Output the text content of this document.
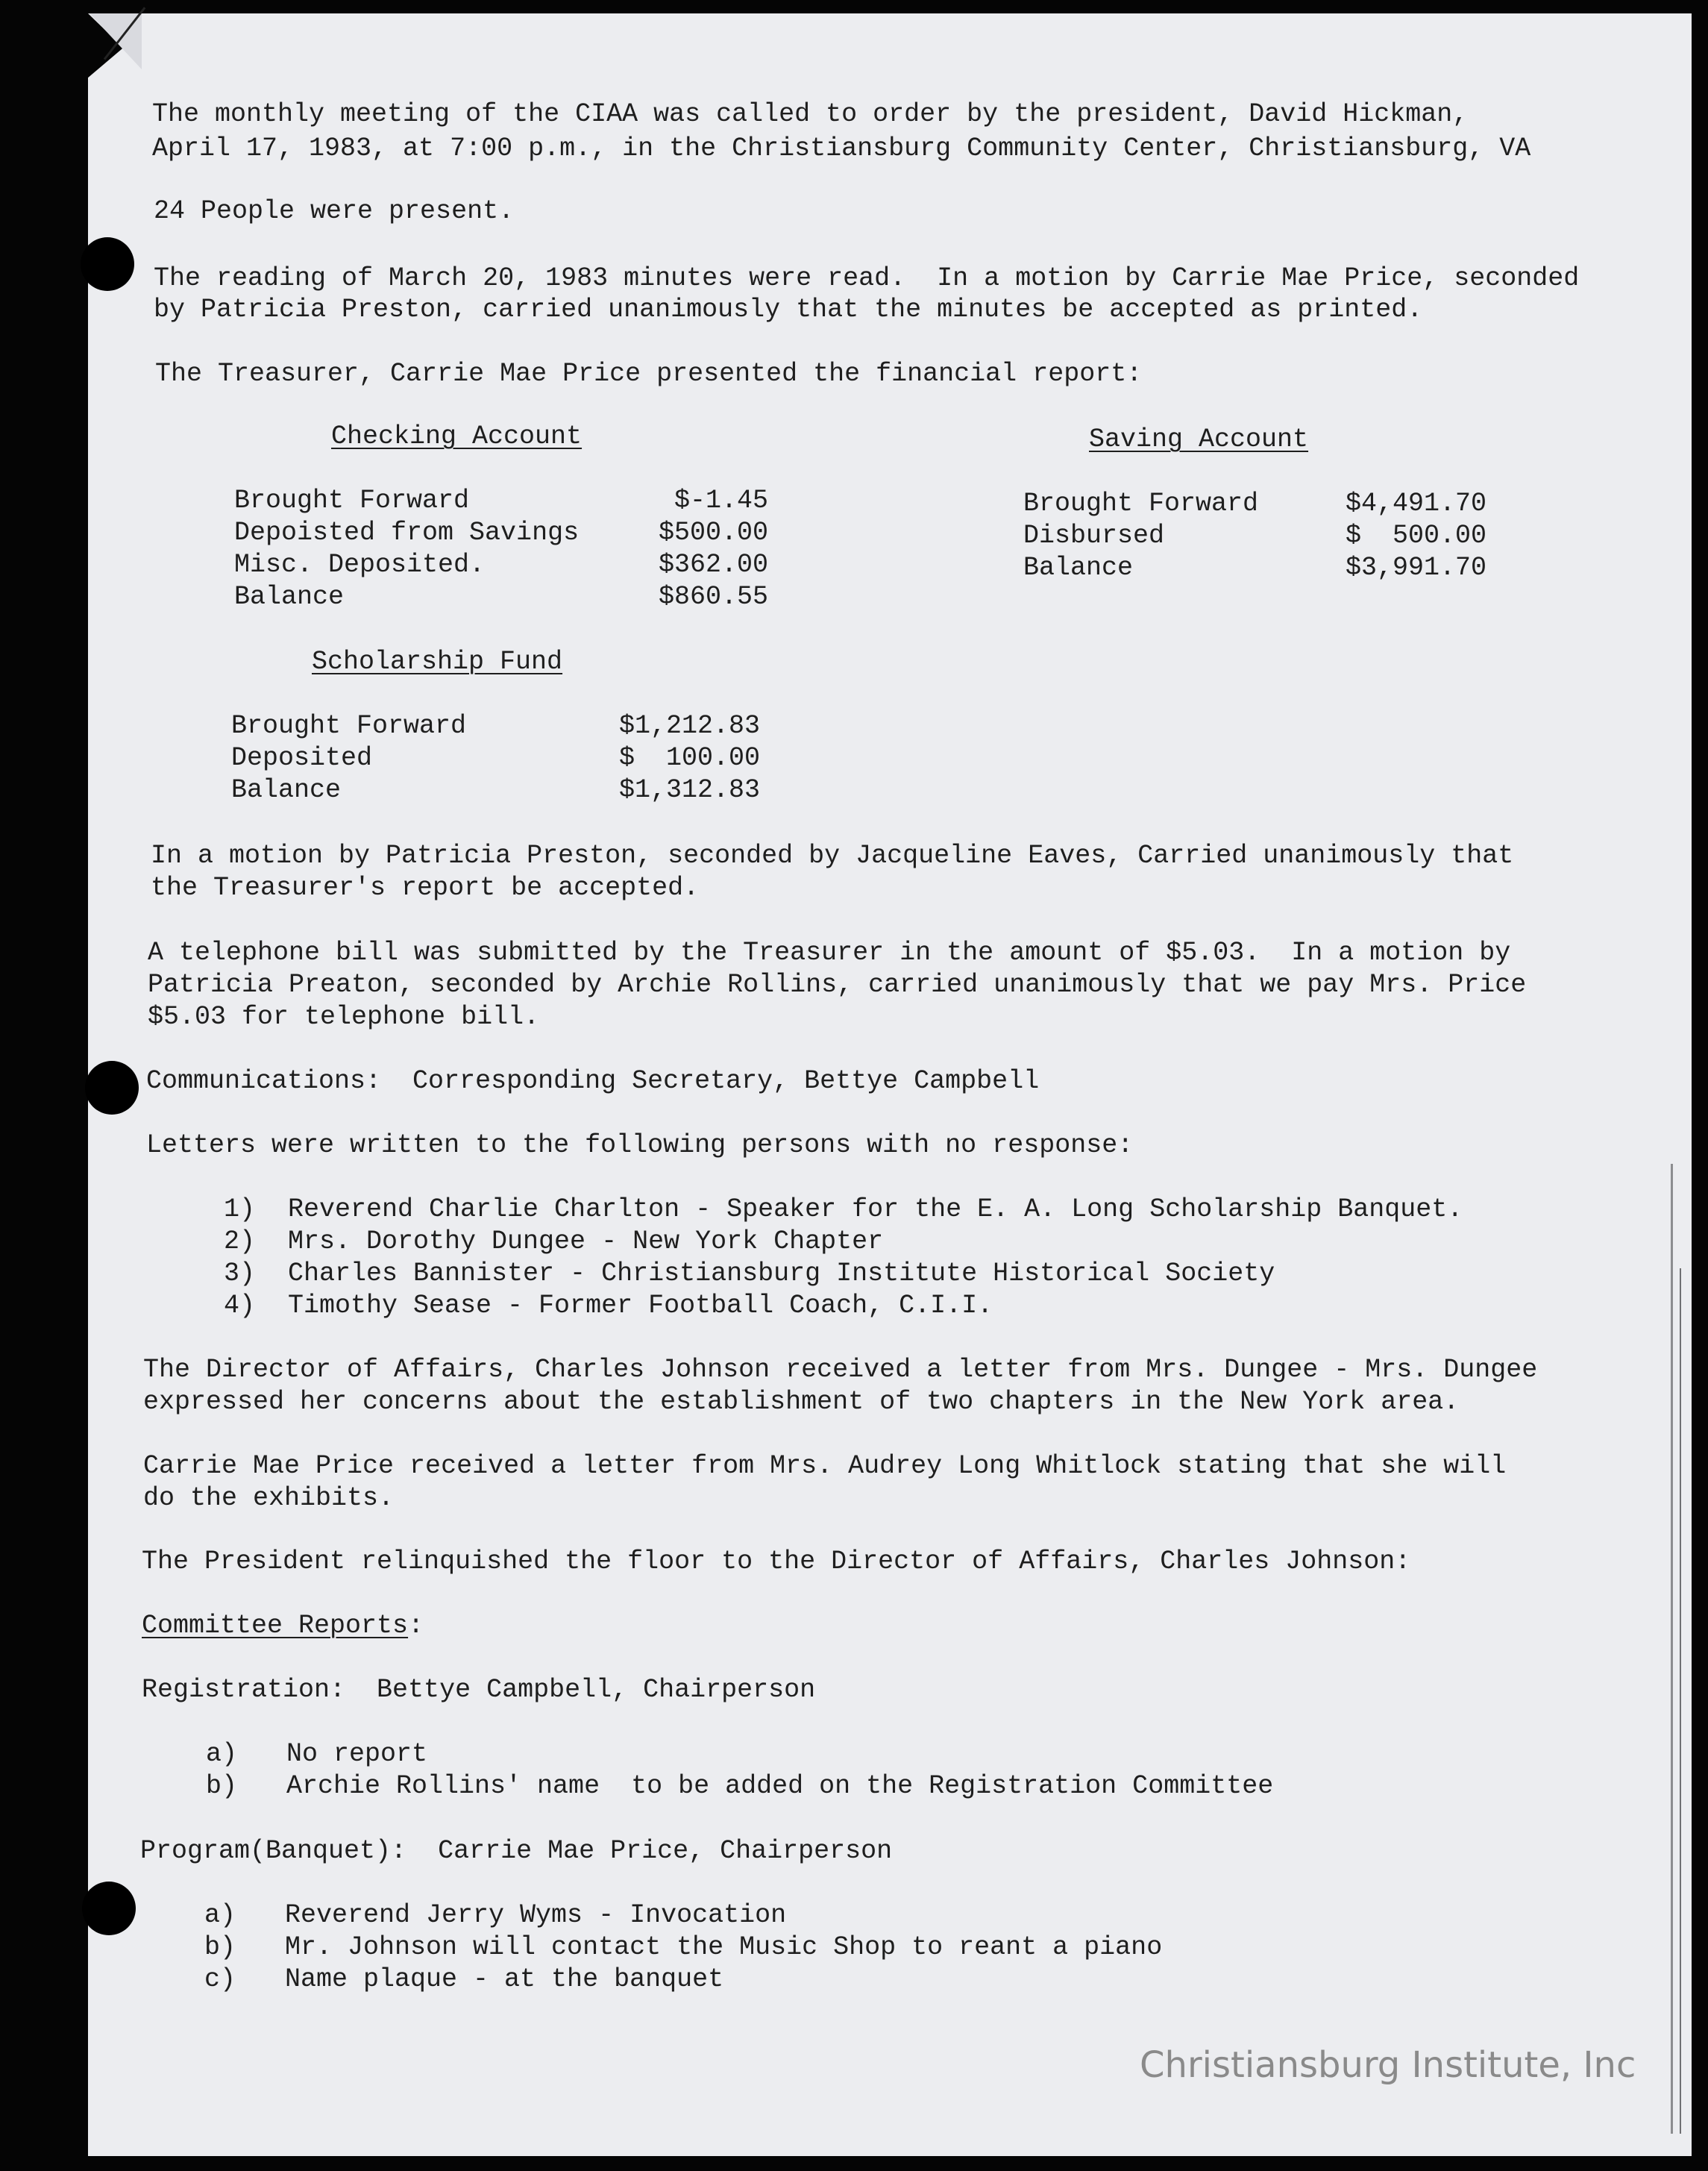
The monthly meeting of the CIAA was called to order by the president, David Hickman,
April 17, 1983, at 7:00 p.m., in the Christiansburg Community Center, Christiansburg, VA
24 People were present.
The reading of March 20, 1983 minutes were read.  In a motion by Carrie Mae Price, seconded
by Patricia Preston, carried unanimously that the minutes be accepted as printed.
The Treasurer, Carrie Mae Price presented the financial report:
Checking Account
Brought Forward	$-1.45
Depoisted from Savings	$500.00
Misc. Deposited.	$362.00
Balance	$860.55
Saving Account
Brought Forward	$4,491.70
Disbursed	$  500.00
Balance	$3,991.70
Scholarship Fund
Brought Forward	$1,212.83
Deposited	$  100.00
Balance	$1,312.83
In a motion by Patricia Preston, seconded by Jacqueline Eaves, Carried unanimously that
the Treasurer's report be accepted.
A telephone bill was submitted by the Treasurer in the amount of $5.03.  In a motion by
Patricia Preaton, seconded by Archie Rollins, carried unanimously that we pay Mrs. Price
$5.03 for telephone bill.
Communications:  Corresponding Secretary, Bettye Campbell
Letters were written to the following persons with no response:
1) Reverend Charlie Charlton - Speaker for the E. A. Long Scholarship Banquet.
2) Mrs. Dorothy Dungee - New York Chapter
3) Charles Bannister - Christiansburg Institute Historical Society
4) Timothy Sease - Former Football Coach, C.I.I.
The Director of Affairs, Charles Johnson received a letter from Mrs. Dungee - Mrs. Dungee
expressed her concerns about the establishment of two chapters in the New York area.
Carrie Mae Price received a letter from Mrs. Audrey Long Whitlock stating that she will
do the exhibits.
The President relinquished the floor to the Director of Affairs, Charles Johnson:
Committee Reports:
Registration:  Bettye Campbell, Chairperson
a) No report
b) Archie Rollins' name  to be added on the Registration Committee
Program(Banquet):  Carrie Mae Price, Chairperson
a) Reverend Jerry Wyms - Invocation
b) Mr. Johnson will contact the Music Shop to reant a piano
c) Name plaque - at the banquet
Christiansburg Institute, Inc
